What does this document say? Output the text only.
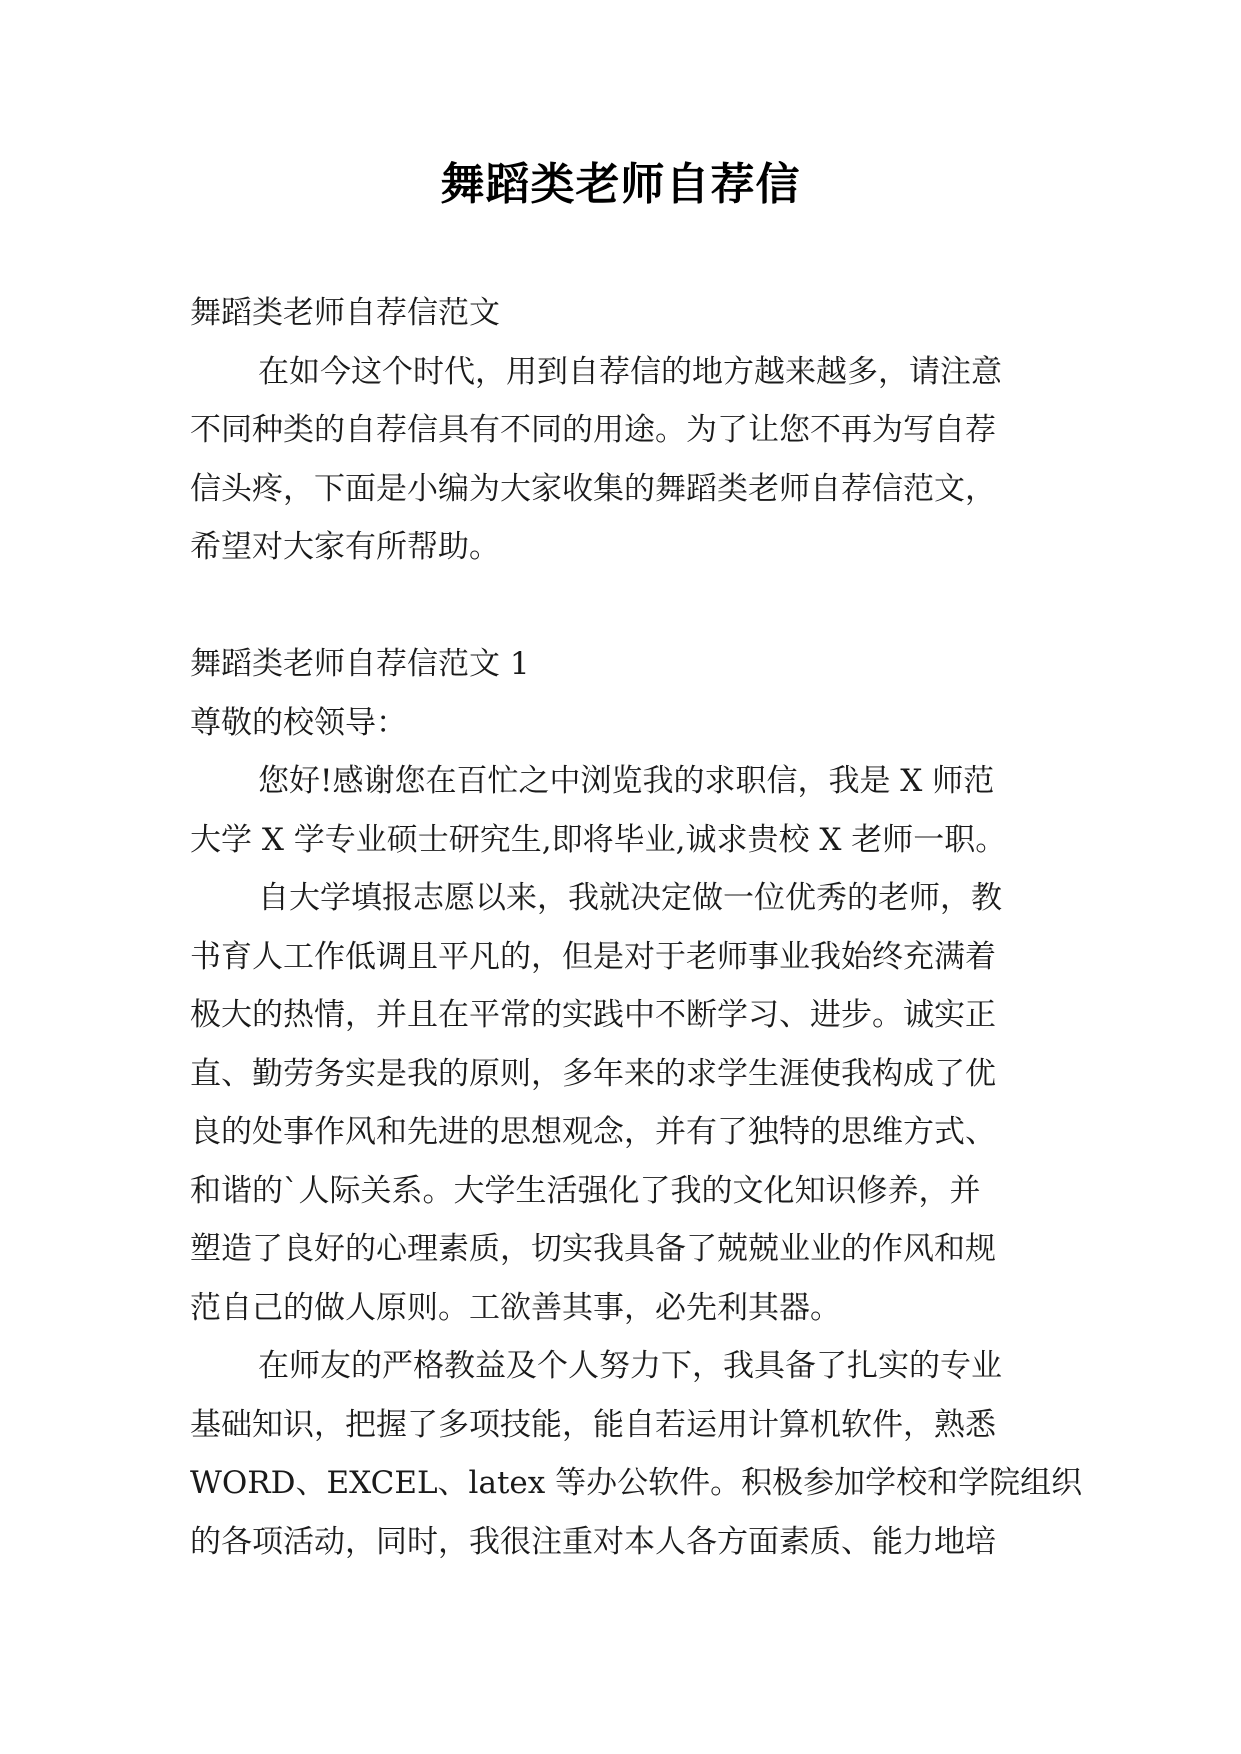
舞蹈类老师自荐信
舞蹈类老师自荐信范文
在如今这个时代，用到自荐信的地方越来越多，请注意
不同种类的自荐信具有不同的用途。为了让您不再为写自荐
信头疼，下面是小编为大家收集的舞蹈类老师自荐信范文，
希望对大家有所帮助。
舞蹈类老师自荐信范文 1
尊敬的校领导：
您好!感谢您在百忙之中浏览我的求职信，我是 X 师范
大学 X 学专业硕士研究生,即将毕业,诚求贵校 X 老师一职。
自大学填报志愿以来，我就决定做一位优秀的老师，教
书育人工作低调且平凡的，但是对于老师事业我始终充满着
极大的热情，并且在平常的实践中不断学习、进步。诚实正
直、勤劳务实是我的原则，多年来的求学生涯使我构成了优
良的处事作风和先进的思想观念，并有了独特的思维方式、
和谐的`人际关系。大学生活强化了我的文化知识修养，并
塑造了良好的心理素质，切实我具备了兢兢业业的作风和规
范自己的做人原则。工欲善其事，必先利其器。
在师友的严格教益及个人努力下，我具备了扎实的专业
基础知识，把握了多项技能，能自若运用计算机软件，熟悉
WORD、EXCEL、latex 等办公软件。积极参加学校和学院组织
的各项活动，同时，我很注重对本人各方面素质、能力地培
